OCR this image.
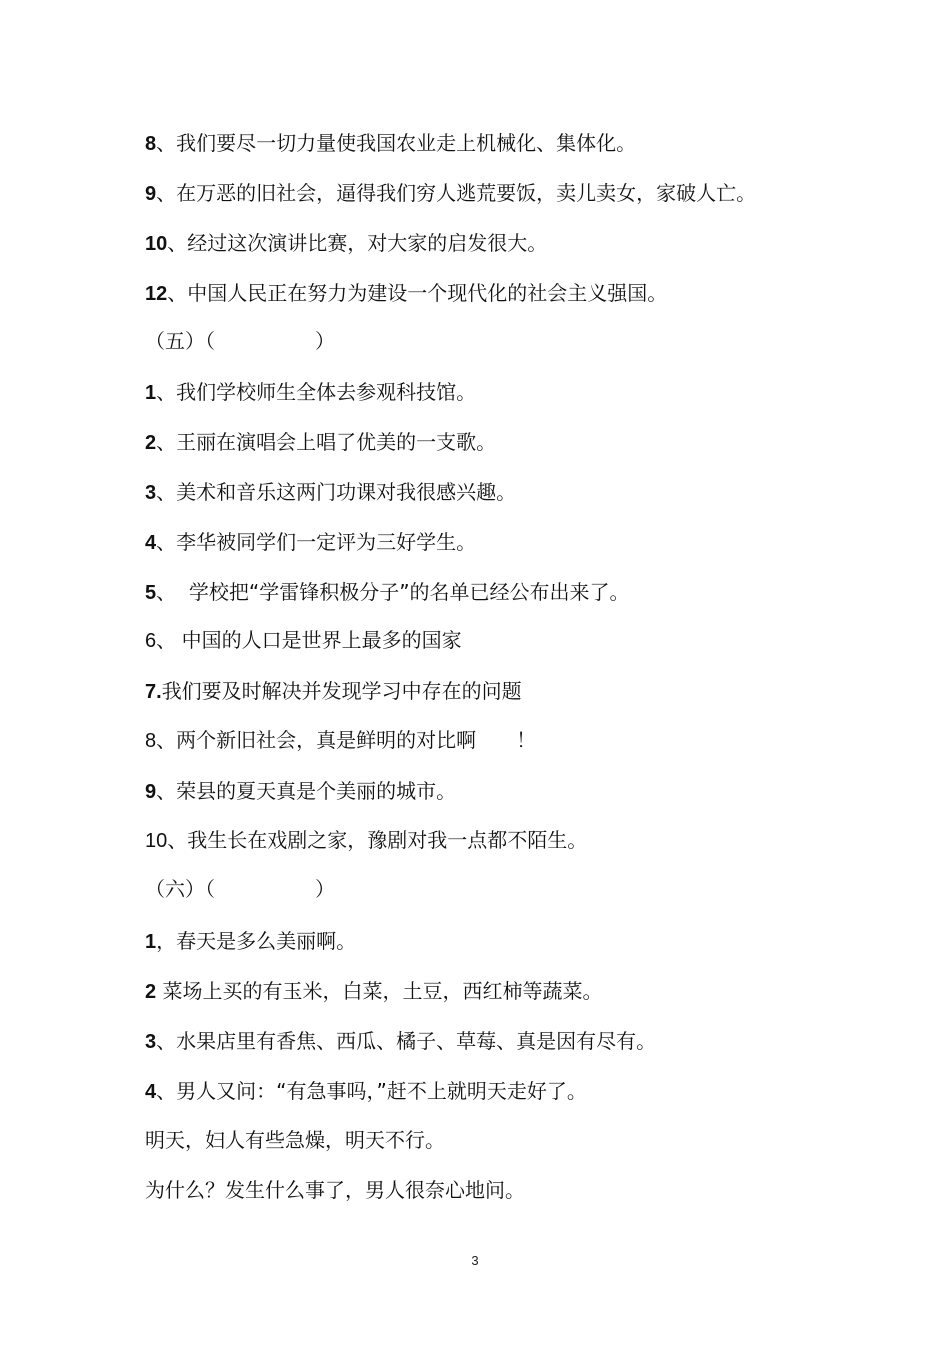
8、我们要尽一切力量使我国农业走上机械化、集体化。
9、在万恶的旧社会，逼得我们穷人逃荒要饭，卖儿卖女，家破人亡。
10、经过这次演讲比赛，对大家的启发很大。
12、中国人民正在努力为建设一个现代化的社会主义强国。
（五）（　　　　　）
1、我们学校师生全体去参观科技馆。
2、王丽在演唱会上唱了优美的一支歌。
3、美术和音乐这两门功课对我很感兴趣。
4、李华被同学们一定评为三好学生。
5、  学校把“学雷锋积极分子”的名单已经公布出来了。
6、 中国的人口是世界上最多的国家
7.我们要及时解决并发现学习中存在的问题
8、两个新旧社会，真是鲜明的对比啊　　！
9、荣县的夏天真是个美丽的城市。
10、我生长在戏剧之家，豫剧对我一点都不陌生。
（六）（　　　　　）
1，春天是多么美丽啊。
2 菜场上买的有玉米，白菜，土豆，西红柿等蔬菜。
3、水果店里有香焦、西瓜、橘子、草莓、真是因有尽有。
4、男人又问：“有急事吗，”赶不上就明天走好了。
明天，妇人有些急燥，明天不行。
为什么？发生什么事了，男人很奈心地问。
3
